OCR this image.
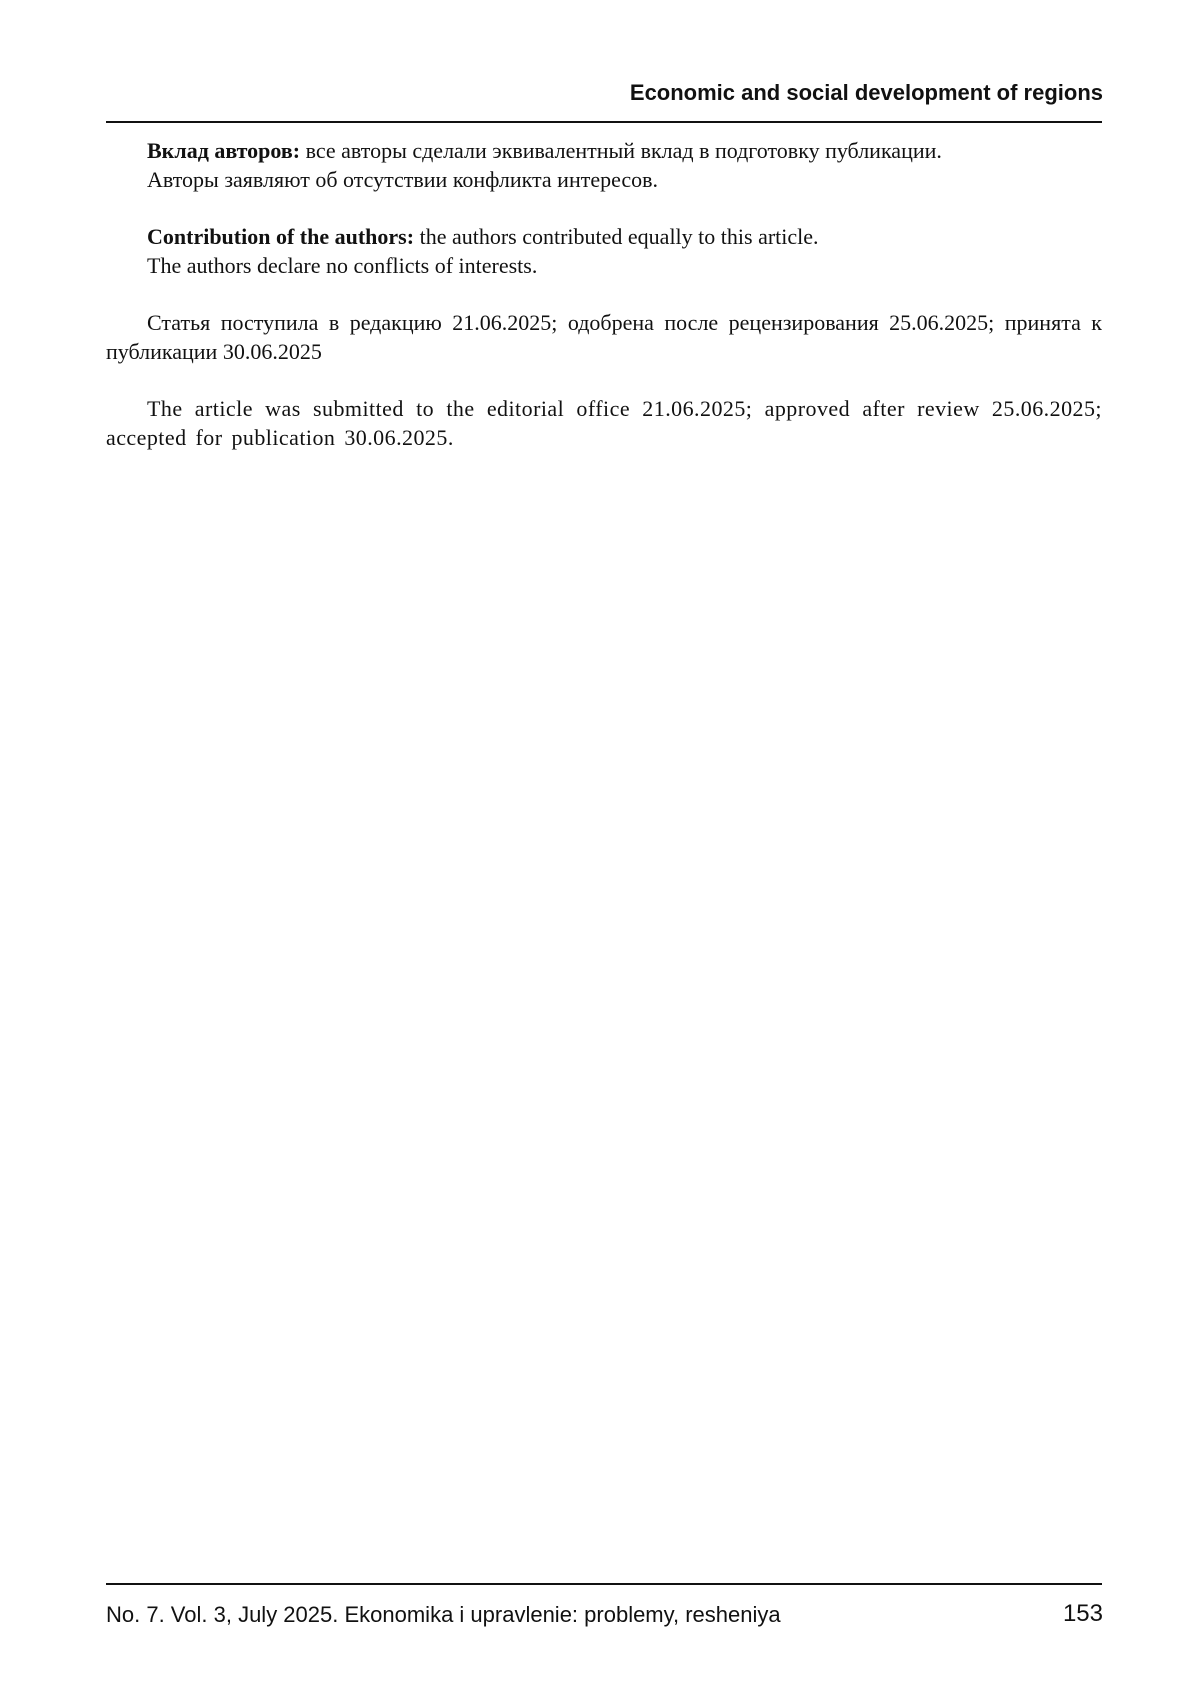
Economic and social development of regions
Вклад авторов: все авторы сделали эквивалентный вклад в подготовку публикации.
Авторы заявляют об отсутствии конфликта интересов.
Contribution of the authors: the authors contributed equally to this article.
The authors declare no conflicts of interests.
Статья поступила в редакцию 21.06.2025; одобрена после рецензирования 25.06.2025; принята к публикации 30.06.2025
The article was submitted to the editorial office 21.06.2025; approved after review 25.06.2025; accepted for publication 30.06.2025.
No. 7. Vol. 3, July 2025. Ekonomika i upravlenie: problemy, resheniya	153
